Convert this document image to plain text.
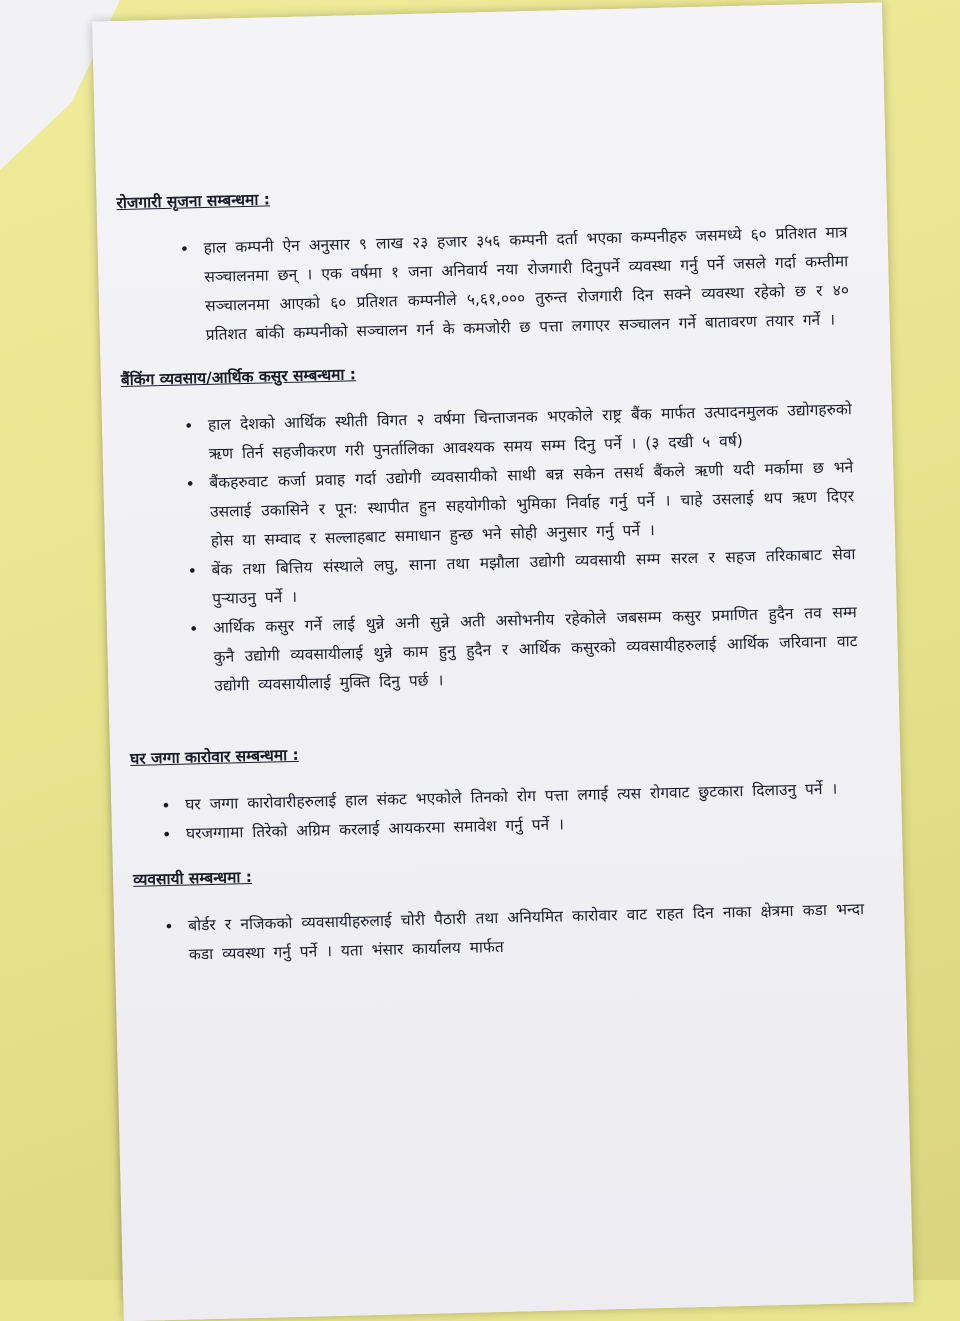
रोजगारी सृजना सम्बन्धमा :
• हाल कम्पनी ऐन अनुसार ९ लाख २३ हजार ३५६ कम्पनी दर्ता भएका कम्पनीहरु जसमध्ये ६० प्रतिशत मात्र सञ्चालनमा छन् । एक वर्षमा १ जना अनिवार्य नया रोजगारी दिनुपर्ने व्यवस्था गर्नु पर्ने जसले गर्दा कम्तीमा सञ्चालनमा आएको ६० प्रतिशत कम्पनीले ५,६१,००० तुरुन्त रोजगारी दिन सक्ने व्यवस्था रहेको छ र ४० प्रतिशत बांकी कम्पनीको सञ्चालन गर्न के कमजोरी छ पत्ता लगाएर सञ्चालन गर्ने बातावरण तयार गर्ने ।
बैंकिंग व्यवसाय/आर्थिक कसुर सम्बन्धमा :
• हाल देशको आर्थिक स्थीती विगत २ वर्षमा चिन्ताजनक भएकोले राष्ट्र बैंक मार्फत उत्पादनमुलक उद्योगहरुको ऋण तिर्न सहजीकरण गरी पुनर्तालिका आवश्यक समय सम्म दिनु पर्ने । (३ दखी ५ वर्ष)
• बैंकहरुवाट कर्जा प्रवाह गर्दा उद्योगी व्यवसायीको साथी बन्न सकेन तसर्थ बैंकले ऋणी यदी मर्कामा छ भने उसलाई उकासिने र पून: स्थापीत हुन सहयोगीको भुमिका निर्वाह गर्नु पर्ने । चाहे उसलाई थप ऋण दिएर होस या सम्वाद र सल्लाहबाट समाधान हुन्छ भने सोही अनुसार गर्नु पर्ने ।
• बेंक तथा बित्तिय संस्थाले लघु, साना तथा मझौला उद्योगी व्यवसायी सम्म सरल र सहज तरिकाबाट सेवा पुऱ्याउनु पर्ने ।
• आर्थिक कसुर गर्ने लाई थुन्ने अनी सुन्ने अती असोभनीय रहेकोले जबसम्म कसुर प्रमाणित हुदैन तव सम्म कुनै उद्योगी व्यवसायीलाई थुन्ने काम हुनु हुदैन र आर्थिक कसुरको व्यवसायीहरुलाई आर्थिक जरिवाना वाट उद्योगी व्यवसायीलाई मुक्ति दिनु पर्छ ।
घर जग्गा कारोवार सम्बन्धमा :
• घर जग्गा कारोवारीहरुलाई हाल संकट भएकोले तिनको रोग पत्ता लगाई त्यस रोगवाट छुटकारा दिलाउनु पर्ने ।
• घरजग्गामा तिरेको अग्रिम करलाई आयकरमा समावेश गर्नु पर्ने ।
व्यवसायी सम्बन्धमा :
• बोर्डर र नजिकको व्यवसायीहरुलाई चोरी पैठारी तथा अनियमित कारोवार वाट राहत दिन नाका क्षेत्रमा कडा भन्दा कडा व्यवस्था गर्नु पर्ने । यता भंसार कार्यालय मार्फत
